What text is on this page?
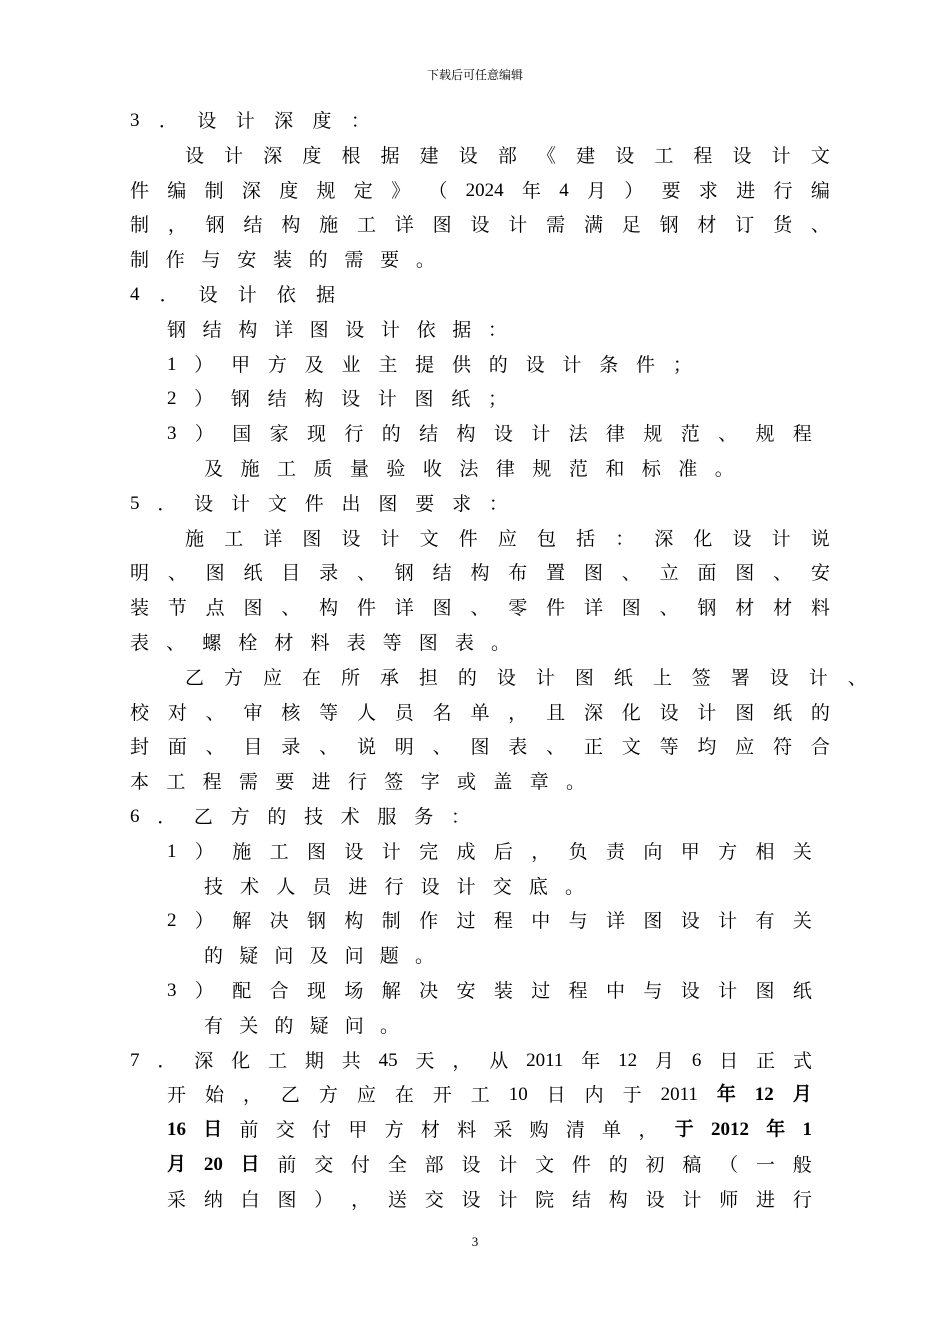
下载后可任意编辑
3 ． 设 计 深 度 ：
设 计 深 度 根 据 建 设 部 《 建 设 工 程 设 计 文
件 编 制 深 度 规 定 》 （ 2024 年 4 月 ） 要 求 进 行 编
制 ， 钢 结 构 施 工 详 图 设 计 需 满 足 钢 材 订 货 、
制 作 与 安 装 的 需 要 。
4 ． 设 计 依 据
钢 结 构 详 图 设 计 依 据 ：
1 ） 甲 方 及 业 主 提 供 的 设 计 条 件 ；
2 ） 钢 结 构 设 计 图 纸 ；
3 ） 国 家 现 行 的 结 构 设 计 法 律 规 范 、 规 程
及 施 工 质 量 验 收 法 律 规 范 和 标 准 。
5 ． 设 计 文 件 出 图 要 求 ：
施 工 详 图 设 计 文 件 应 包 括 ： 深 化 设 计 说
明 、 图 纸 目 录 、 钢 结 构 布 置 图 、 立 面 图 、 安
装 节 点 图 、 构 件 详 图 、 零 件 详 图 、 钢 材 材 料
表 、 螺 栓 材 料 表 等 图 表 。
乙 方 应 在 所 承 担 的 设 计 图 纸 上 签 署 设 计 、
校 对 、 审 核 等 人 员 名 单 ， 且 深 化 设 计 图 纸 的
封 面 、 目 录 、 说 明 、 图 表 、 正 文 等 均 应 符 合
本 工 程 需 要 进 行 签 字 或 盖 章 。
6 ． 乙 方 的 技 术 服 务 ：
1 ） 施 工 图 设 计 完 成 后 ， 负 责 向 甲 方 相 关
技 术 人 员 进 行 设 计 交 底 。
2 ） 解 决 钢 构 制 作 过 程 中 与 详 图 设 计 有 关
的 疑 问 及 问 题 。
3 ） 配 合 现 场 解 决 安 装 过 程 中 与 设 计 图 纸
有 关 的 疑 问 。
7 ． 深 化 工 期 共 45 天 ， 从 2011 年 12 月 6 日 正 式
开 始 ， 乙 方 应 在 开 工 10 日 内 于 2011 年 12 月
16 日 前 交 付 甲 方 材 料 采 购 清 单 ， 于 2012 年 1
月 20 日 前 交 付 全 部 设 计 文 件 的 初 稿 （ 一 般
采 纳 白 图 ） ， 送 交 设 计 院 结 构 设 计 师 进 行
3
